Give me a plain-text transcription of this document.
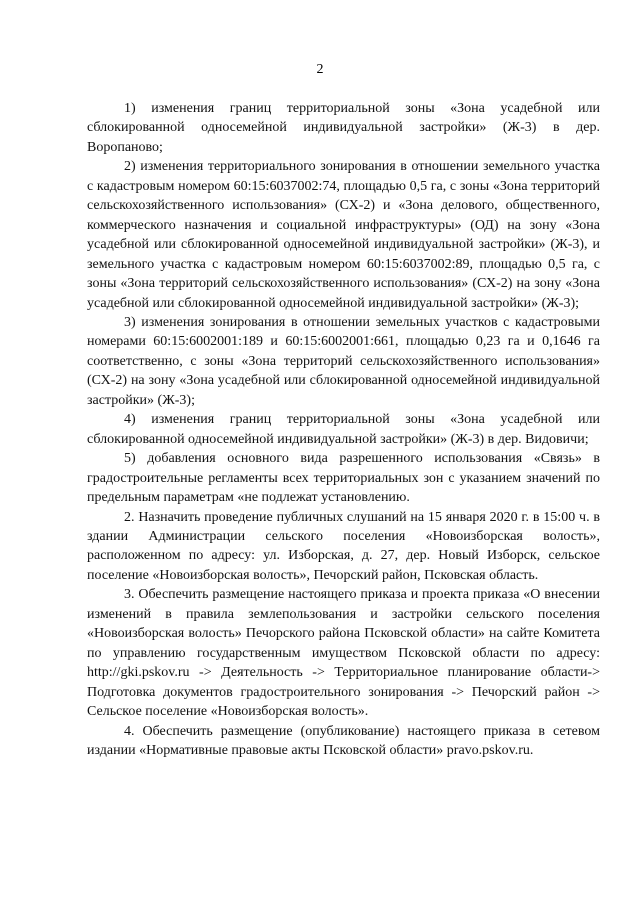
2

1) изменения границ территориальной зоны «Зона усадебной или сблокированной односемейной индивидуальной застройки» (Ж-3) в дер. Воропаново;

2) изменения территориального зонирования в отношении земельного участка с кадастровым номером 60:15:6037002:74, площадью 0,5 га, с зоны «Зона территорий сельскохозяйственного использования» (СХ-2) и «Зона делового, общественного, коммерческого назначения и социальной инфраструктуры» (ОД) на зону «Зона усадебной или сблокированной односемейной индивидуальной застройки» (Ж-3), и земельного участка с кадастровым номером 60:15:6037002:89, площадью 0,5 га, с зоны «Зона территорий сельскохозяйственного использования» (СХ-2) на зону «Зона усадебной или сблокированной односемейной индивидуальной застройки» (Ж-3);

3) изменения зонирования в отношении земельных участков с кадастровыми номерами 60:15:6002001:189 и 60:15:6002001:661, площадью 0,23 га и 0,1646 га соответственно, с зоны «Зона территорий сельскохозяйственного использования» (СХ-2) на зону «Зона усадебной или сблокированной односемейной индивидуальной застройки» (Ж-3);

4) изменения границ территориальной зоны «Зона усадебной или сблокированной односемейной индивидуальной застройки» (Ж-3) в дер. Видовичи;

5) добавления основного вида разрешенного использования «Связь» в градостроительные регламенты всех территориальных зон с указанием значений по предельным параметрам «не подлежат установлению.

2. Назначить проведение публичных слушаний на 15 января 2020 г. в 15:00 ч. в здании Администрации сельского поселения «Новоизборская волость», расположенном по адресу: ул. Изборская, д. 27, дер. Новый Изборск, сельское поселение «Новоизборская волость», Печорский район, Псковская область.

3. Обеспечить размещение настоящего приказа и проекта приказа «О внесении изменений в правила землепользования и застройки сельского поселения «Новоизборская волость» Печорского района Псковской области» на сайте Комитета по управлению государственным имуществом Псковской области по адресу: http://gki.pskov.ru -> Деятельность -> Территориальное планирование области-> Подготовка документов градостроительного зонирования -> Печорский район -> Сельское поселение «Новоизборская волость».

4. Обеспечить размещение (опубликование) настоящего приказа в сетевом издании «Нормативные правовые акты Псковской области» pravo.pskov.ru.
